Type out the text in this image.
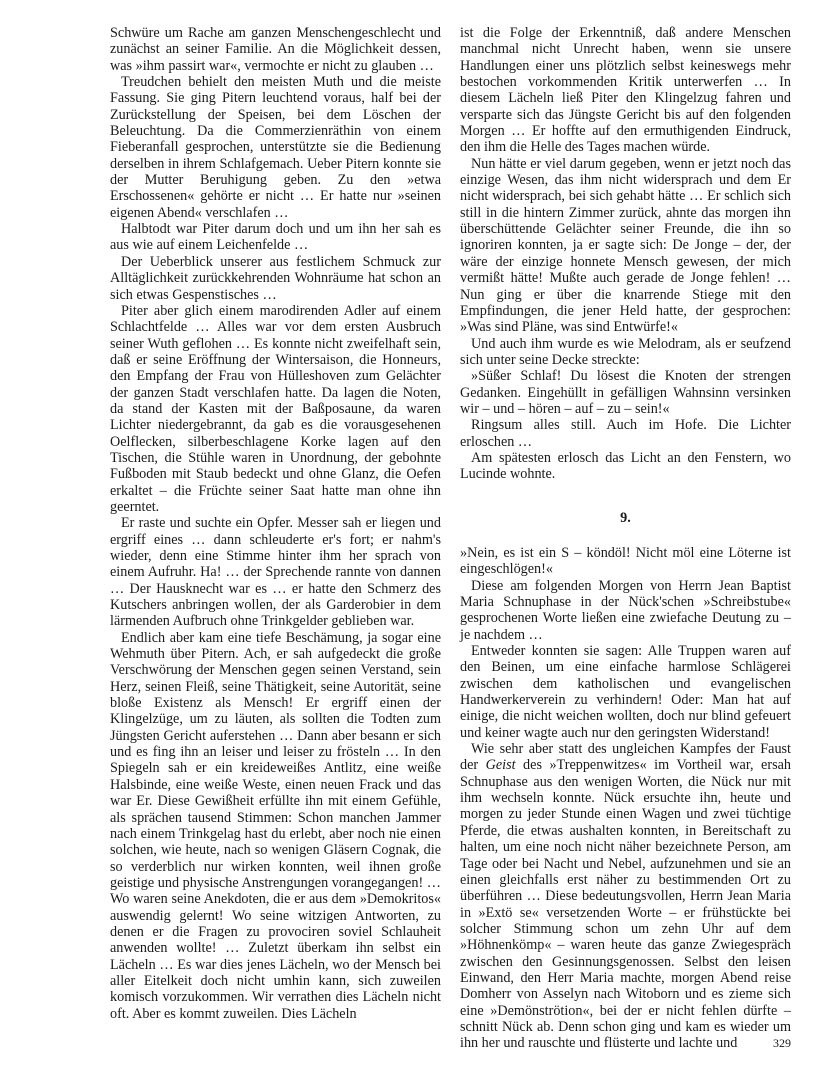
Schwüre um Rache am ganzen Menschengeschlecht und zunächst an seiner Familie. An die Möglichkeit dessen, was »ihm passirt war«, vermochte er nicht zu glauben …

Treudchen behielt den meisten Muth und die meiste Fassung. Sie ging Pitern leuchtend voraus, half bei der Zurückstellung der Speisen, bei dem Löschen der Beleuchtung. Da die Commerzienräthin von einem Fieberanfall gesprochen, unterstützte sie die Bedienung derselben in ihrem Schlafgemach. Ueber Pitern konnte sie der Mutter Beruhigung geben. Zu den »etwa Erschossenen« gehörte er nicht … Er hatte nur »seinen eigenen Abend« verschlafen …

Halbtodt war Piter darum doch und um ihn her sah es aus wie auf einem Leichenfelde …

Der Ueberblick unserer aus festlichem Schmuck zur Alltäglichkeit zurückkehrenden Wohnräume hat schon an sich etwas Gespenstisches …

Piter aber glich einem marodirenden Adler auf einem Schlachtfelde … Alles war vor dem ersten Ausbruch seiner Wuth geflohen … Es konnte nicht zweifelhaft sein, daß er seine Eröffnung der Wintersaison, die Honneurs, den Empfang der Frau von Hülleshoven zum Gelächter der ganzen Stadt verschlafen hatte. Da lagen die Noten, da stand der Kasten mit der Baßposaune, da waren Lichter niedergebrannt, da gab es die vorausgesehenen Oelflecken, silberbeschlagene Korke lagen auf den Tischen, die Stühle waren in Unordnung, der gebohnte Fußboden mit Staub bedeckt und ohne Glanz, die Oefen erkaltet – die Früchte seiner Saat hatte man ohne ihn geerntet.

Er raste und suchte ein Opfer. Messer sah er liegen und ergriff eines … dann schleuderte er's fort; er nahm's wieder, denn eine Stimme hinter ihm her sprach von einem Aufruhr. Ha! … der Sprechende rannte von dannen … Der Hausknecht war es … er hatte den Schmerz des Kutschers anbringen wollen, der als Garderobier in dem lärmenden Aufbruch ohne Trinkgelder geblieben war.

Endlich aber kam eine tiefe Beschämung, ja sogar eine Wehmuth über Pitern. Ach, er sah aufgedeckt die große Verschwörung der Menschen gegen seinen Verstand, sein Herz, seinen Fleiß, seine Thätigkeit, seine Autorität, seine bloße Existenz als Mensch! Er ergriff einen der Klingelzüge, um zu läuten, als sollten die Todten zum Jüngsten Gericht auferstehen … Dann aber besann er sich und es fing ihn an leiser und leiser zu frösteln … In den Spiegeln sah er ein kreideweißes Antlitz, eine weiße Halsbinde, eine weiße Weste, einen neuen Frack und das war Er. Diese Gewißheit erfüllte ihn mit einem Gefühle, als sprächen tausend Stimmen: Schon manchen Jammer nach einem Trinkgelag hast du erlebt, aber noch nie einen solchen, wie heute, nach so wenigen Gläsern Cognak, die so verderblich nur wirken konnten, weil ihnen große geistige und physische Anstrengungen vorangegangen! … Wo waren seine Anekdoten, die er aus dem »Demokritos« auswendig gelernt! Wo seine witzigen Antworten, zu denen er die Fragen zu provociren soviel Schlauheit anwenden wollte! … Zuletzt überkam ihn selbst ein Lächeln … Es war dies jenes Lächeln, wo der Mensch bei aller Eitelkeit doch nicht umhin kann, sich zuweilen komisch vorzukommen. Wir verrathen dies Lächeln nicht oft. Aber es kommt zuweilen. Dies Lächeln

ist die Folge der Erkenntniß, daß andere Menschen manchmal nicht Unrecht haben, wenn sie unsere Handlungen einer uns plötzlich selbst keineswegs mehr bestochen vorkommenden Kritik unterwerfen … In diesem Lächeln ließ Piter den Klingelzug fahren und versparte sich das Jüngste Gericht bis auf den folgenden Morgen … Er hoffte auf den ermuthigenden Eindruck, den ihm die Helle des Tages machen würde.

Nun hätte er viel darum gegeben, wenn er jetzt noch das einzige Wesen, das ihm nicht widersprach und dem Er nicht widersprach, bei sich gehabt hätte … Er schlich sich still in die hintern Zimmer zurück, ahnte das morgen ihn überschüttende Gelächter seiner Freunde, die ihn so ignoriren konnten, ja er sagte sich: De Jonge – der, der wäre der einzige honnete Mensch gewesen, der mich vermißt hätte! Mußte auch gerade de Jonge fehlen! … Nun ging er über die knarrende Stiege mit den Empfindungen, die jener Held hatte, der gesprochen: »Was sind Pläne, was sind Entwürfe!«

Und auch ihm wurde es wie Melodram, als er seufzend sich unter seine Decke streckte:

»Süßer Schlaf! Du lösest die Knoten der strengen Gedanken. Eingehüllt in gefälligen Wahnsinn versinken wir – und – hören – auf – zu – sein!«

Ringsum alles still. Auch im Hofe. Die Lichter erloschen …

Am spätesten erlosch das Licht an den Fenstern, wo Lucinde wohnte.

9.

»Nein, es ist ein S – köndöl! Nicht möl eine Löterne ist eingeschlögen!«

Diese am folgenden Morgen von Herrn Jean Baptist Maria Schnuphase in der Nück'schen »Schreibstube« gesprochenen Worte ließen eine zwiefache Deutung zu – je nachdem …

Entweder konnten sie sagen: Alle Truppen waren auf den Beinen, um eine einfache harmlose Schlägerei zwischen dem katholischen und evangelischen Handwerkerverein zu verhindern! Oder: Man hat auf einige, die nicht weichen wollten, doch nur blind gefeuert und keiner wagte auch nur den geringsten Widerstand!

Wie sehr aber statt des ungleichen Kampfes der Faust der Geist des »Treppenwitzes« im Vortheil war, ersah Schnuphase aus den wenigen Worten, die Nück nur mit ihm wechseln konnte. Nück ersuchte ihn, heute und morgen zu jeder Stunde einen Wagen und zwei tüchtige Pferde, die etwas aushalten konnten, in Bereitschaft zu halten, um eine noch nicht näher bezeichnete Person, am Tage oder bei Nacht und Nebel, aufzunehmen und sie an einen gleichfalls erst näher zu bestimmenden Ort zu überführen … Diese bedeutungsvollen, Herrn Jean Maria in »Extö se« versetzenden Worte – er frühstückte bei solcher Stimmung schon um zehn Uhr auf dem »Höhnenkömp« – waren heute das ganze Zwiegespräch zwischen den Gesinnungsgenossen. Selbst den leisen Einwand, den Herr Maria machte, morgen Abend reise Domherr von Asselyn nach Witoborn und es zieme sich eine »Demönströtion«, bei der er nicht fehlen dürfte – schnitt Nück ab. Denn schon ging und kam es wieder um ihn her und rauschte und flüsterte und lachte und	329
